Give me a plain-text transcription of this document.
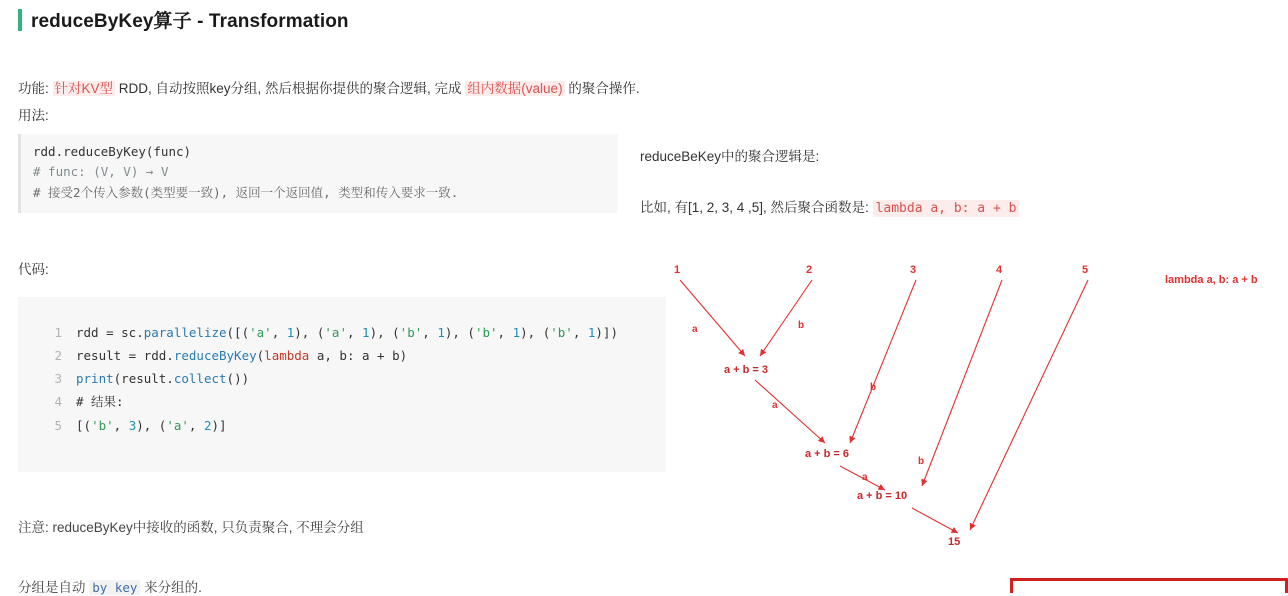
reduceByKey算子 - Transformation
功能: 针对KV型 RDD, 自动按照key分组, 然后根据你提供的聚合逻辑, 完成 组内数据(value) 的聚合操作.
用法:
rdd.reduceByKey(func)
# func: (V, V) → V
# 接受2个传入参数(类型要一致), 返回一个返回值, 类型和传入要求一致.
代码:
1	rdd = sc.parallelize([('a', 1), ('a', 1), ('b', 1), ('b', 1), ('b', 1)])
2	result = rdd.reduceByKey(lambda a, b: a + b)
3	print(result.collect())
4	# 结果:
5	[('b', 3), ('a', 2)]
注意: reduceByKey中接收的函数, 只负责聚合, 不理会分组
分组是自动 by key 来分组的.
reduceBeKey中的聚合逻辑是:
比如, 有[1, 2, 3, 4 ,5], 然后聚合函数是: lambda a, b: a + b
1	2	3	4	5
a	b
a
b
a
b
a + b = 3
a + b = 6
a + b = 10
15
lambda a, b: a + b
